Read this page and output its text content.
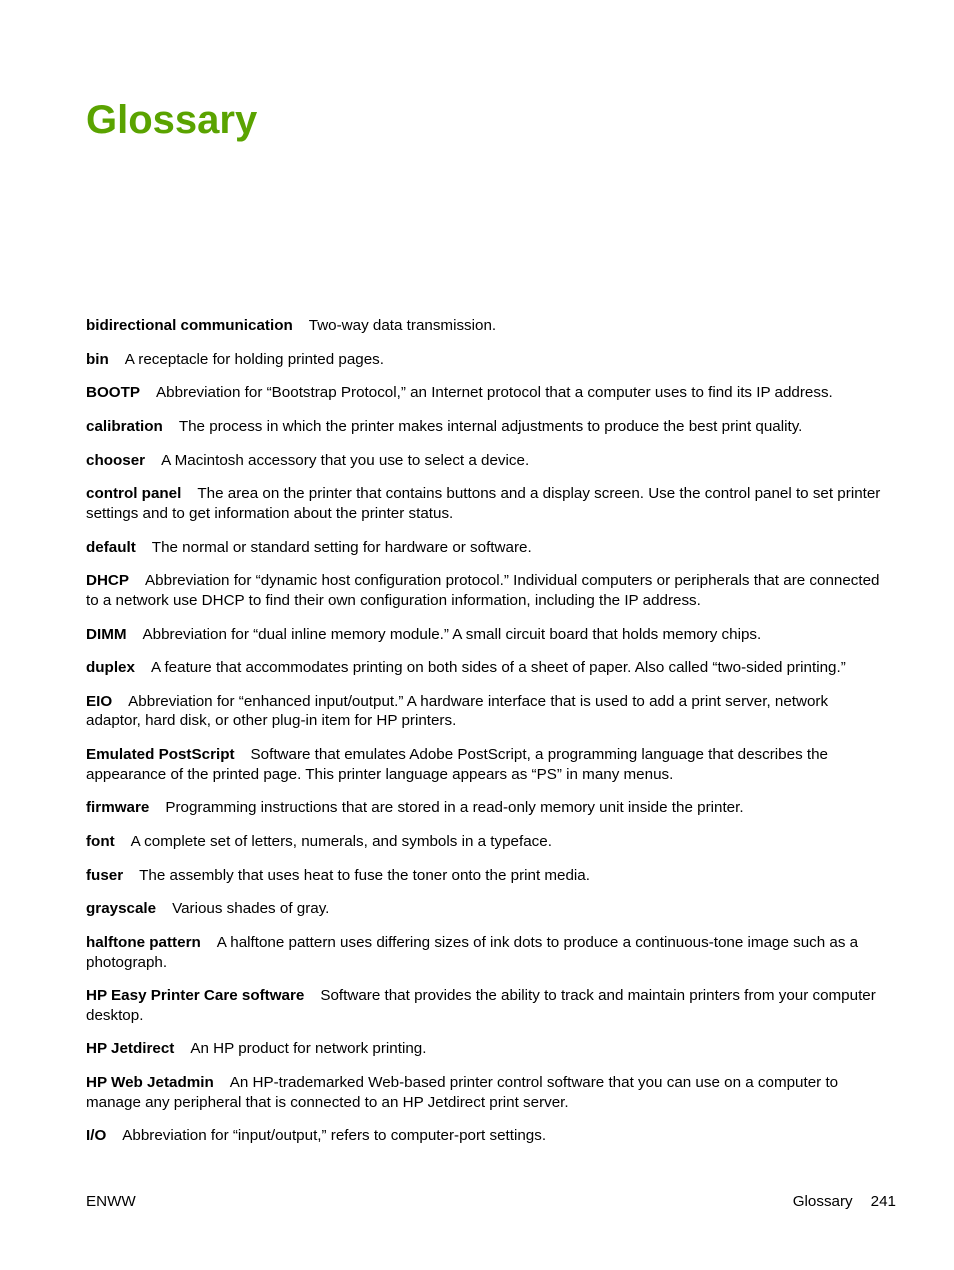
Glossary

bidirectional communication Two-way data transmission.

bin A receptacle for holding printed pages.

BOOTP Abbreviation for “Bootstrap Protocol,” an Internet protocol that a computer uses to find its IP address.

calibration The process in which the printer makes internal adjustments to produce the best print quality.

chooser A Macintosh accessory that you use to select a device.

control panel The area on the printer that contains buttons and a display screen. Use the control panel to set printer settings and to get information about the printer status.

default The normal or standard setting for hardware or software.

DHCP Abbreviation for “dynamic host configuration protocol.” Individual computers or peripherals that are connected to a network use DHCP to find their own configuration information, including the IP address.

DIMM Abbreviation for “dual inline memory module.” A small circuit board that holds memory chips.

duplex A feature that accommodates printing on both sides of a sheet of paper. Also called “two-sided printing.”

EIO Abbreviation for “enhanced input/output.” A hardware interface that is used to add a print server, network adaptor, hard disk, or other plug-in item for HP printers.

Emulated PostScript Software that emulates Adobe PostScript, a programming language that describes the appearance of the printed page. This printer language appears as “PS” in many menus.

firmware Programming instructions that are stored in a read-only memory unit inside the printer.

font A complete set of letters, numerals, and symbols in a typeface.

fuser The assembly that uses heat to fuse the toner onto the print media.

grayscale Various shades of gray.

halftone pattern A halftone pattern uses differing sizes of ink dots to produce a continuous-tone image such as a photograph.

HP Easy Printer Care software Software that provides the ability to track and maintain printers from your computer desktop.

HP Jetdirect An HP product for network printing.

HP Web Jetadmin An HP-trademarked Web-based printer control software that you can use on a computer to manage any peripheral that is connected to an HP Jetdirect print server.

I/O Abbreviation for “input/output,” refers to computer-port settings.

ENWW	Glossary 241
